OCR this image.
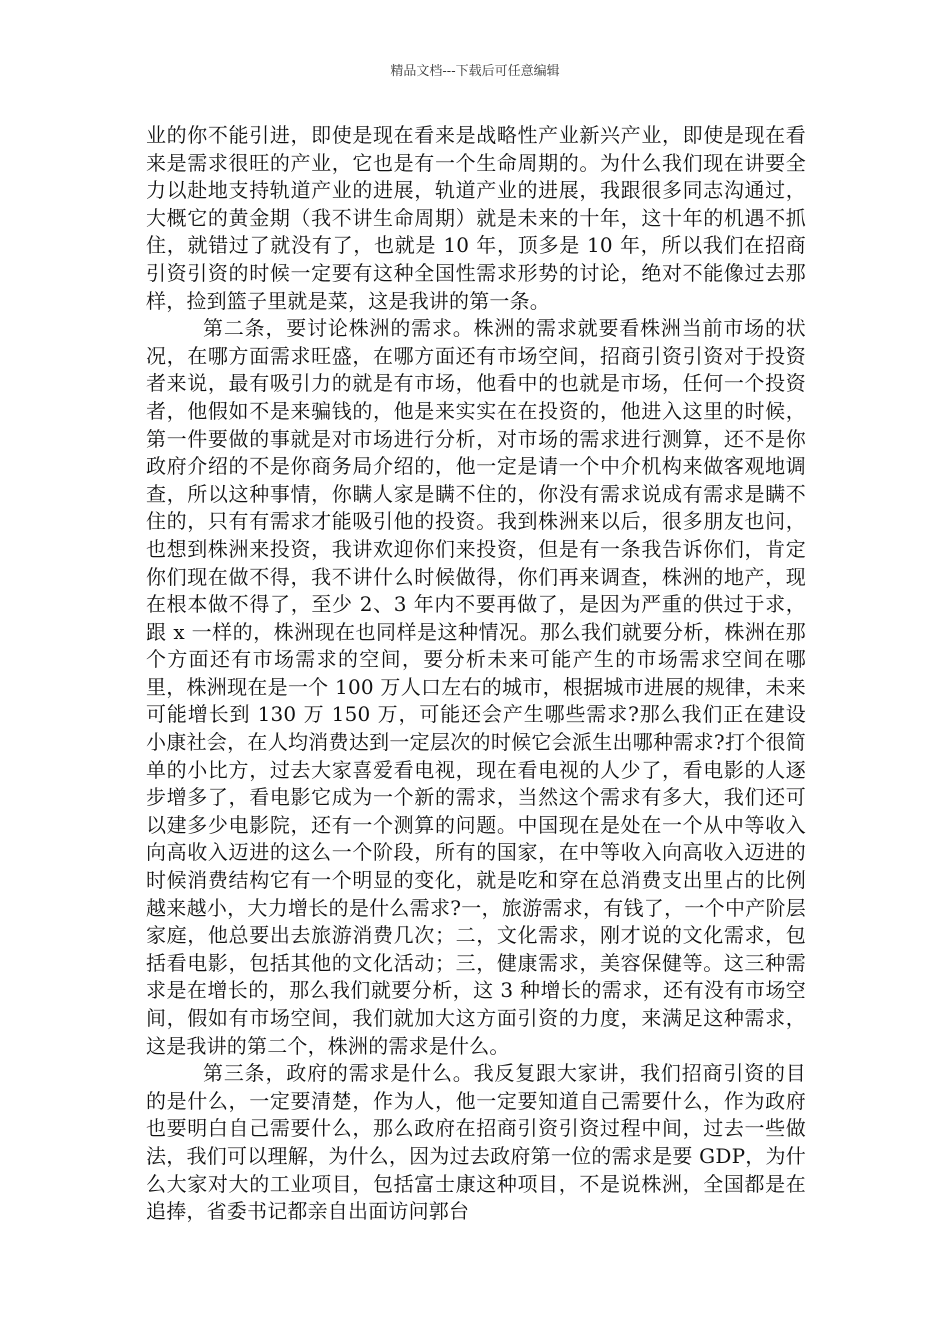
精品文档---下载后可任意编辑

业的你不能引进，即使是现在看来是战略性产业新兴产业，即使是现在看来是需求很旺的产业，它也是有一个生命周期的。为什么我们现在讲要全力以赴地支持轨道产业的进展，轨道产业的进展，我跟很多同志沟通过，大概它的黄金期（我不讲生命周期）就是未来的十年，这十年的机遇不抓住，就错过了就没有了，也就是 10 年，顶多是 10 年，所以我们在招商引资引资的时候一定要有这种全国性需求形势的讨论，绝对不能像过去那样，捡到篮子里就是菜，这是我讲的第一条。

第二条，要讨论株洲的需求。株洲的需求就要看株洲当前市场的状况，在哪方面需求旺盛，在哪方面还有市场空间，招商引资引资对于投资者来说，最有吸引力的就是有市场，他看中的也就是市场，任何一个投资者，他假如不是来骗钱的，他是来实实在在投资的，他进入这里的时候，第一件要做的事就是对市场进行分析，对市场的需求进行测算，还不是你政府介绍的不是你商务局介绍的，他一定是请一个中介机构来做客观地调查，所以这种事情，你瞒人家是瞒不住的，你没有需求说成有需求是瞒不住的，只有有需求才能吸引他的投资。我到株洲来以后，很多朋友也问，也想到株洲来投资，我讲欢迎你们来投资，但是有一条我告诉你们，肯定你们现在做不得，我不讲什么时候做得，你们再来调查，株洲的地产，现在根本做不得了，至少 2、3 年内不要再做了，是因为严重的供过于求，跟 x 一样的，株洲现在也同样是这种情况。那么我们就要分析，株洲在那个方面还有市场需求的空间，要分析未来可能产生的市场需求空间在哪里，株洲现在是一个 100 万人口左右的城市，根据城市进展的规律，未来可能增长到 130 万 150 万，可能还会产生哪些需求?那么我们正在建设小康社会，在人均消费达到一定层次的时候它会派生出哪种需求?打个很简单的小比方，过去大家喜爱看电视，现在看电视的人少了，看电影的人逐步增多了，看电影它成为一个新的需求，当然这个需求有多大，我们还可以建多少电影院，还有一个测算的问题。中国现在是处在一个从中等收入向高收入迈进的这么一个阶段，所有的国家，在中等收入向高收入迈进的时候消费结构它有一个明显的变化，就是吃和穿在总消费支出里占的比例越来越小，大力增长的是什么需求?一，旅游需求，有钱了，一个中产阶层家庭，他总要出去旅游消费几次；二，文化需求，刚才说的文化需求，包括看电影，包括其他的文化活动；三，健康需求，美容保健等。这三种需求是在增长的，那么我们就要分析，这 3 种增长的需求，还有没有市场空间，假如有市场空间，我们就加大这方面引资的力度，来满足这种需求，这是我讲的第二个，株洲的需求是什么。

第三条，政府的需求是什么。我反复跟大家讲，我们招商引资的目的是什么，一定要清楚，作为人，他一定要知道自己需要什么，作为政府也要明白自己需要什么，那么政府在招商引资引资过程中间，过去一些做法，我们可以理解，为什么，因为过去政府第一位的需求是要 GDP，为什么大家对大的工业项目，包括富士康这种项目，不是说株洲，全国都是在追捧，省委书记都亲自出面访问郭台
